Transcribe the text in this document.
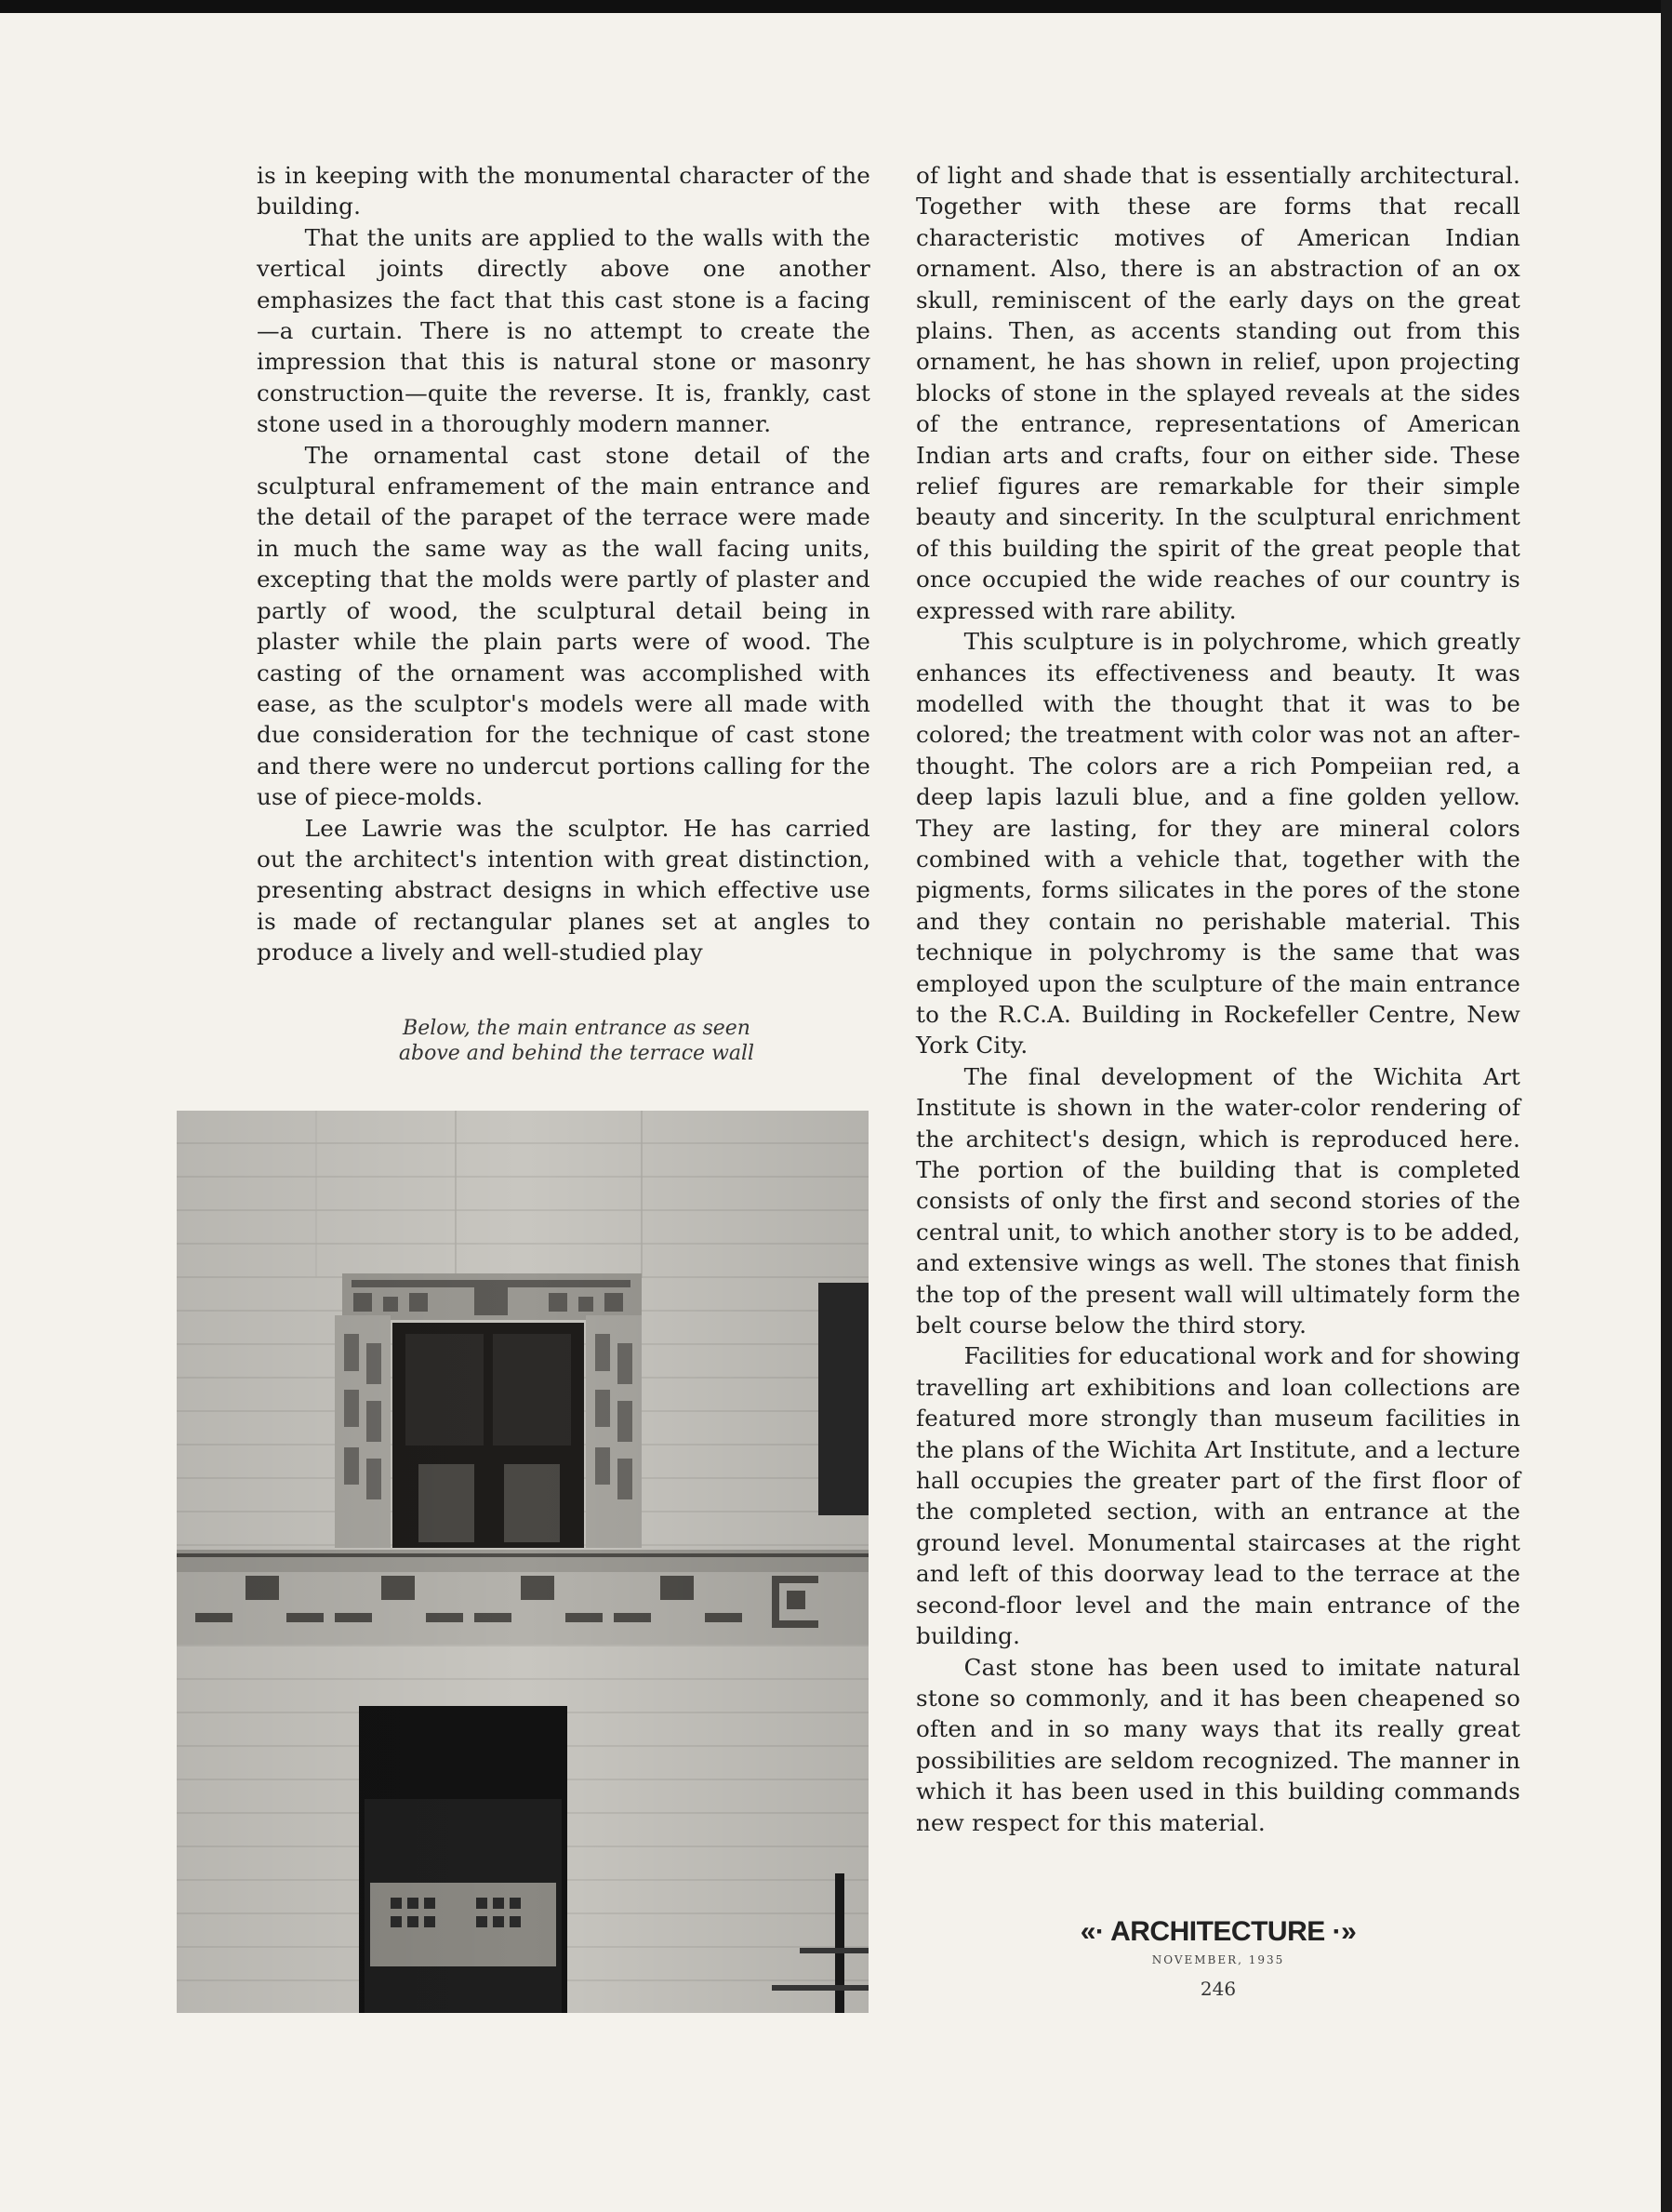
is in keeping with the monumental character of the building.

That the units are applied to the walls with the vertical joints directly above one another emphasizes the fact that this cast stone is a facing—a curtain. There is no attempt to create the impression that this is natural stone or masonry construction—quite the reverse. It is, frankly, cast stone used in a thoroughly modern manner.

The ornamental cast stone detail of the sculptural enframement of the main entrance and the detail of the parapet of the terrace were made in much the same way as the wall facing units, excepting that the molds were partly of plaster and partly of wood, the sculptural detail being in plaster while the plain parts were of wood. The casting of the ornament was accomplished with ease, as the sculptor's models were all made with due consideration for the technique of cast stone and there were no undercut portions calling for the use of piece-molds.

Lee Lawrie was the sculptor. He has carried out the architect's intention with great distinction, presenting abstract designs in which effective use is made of rectangular planes set at angles to produce a lively and well-studied play

Below, the main entrance as seen above and behind the terrace wall

of light and shade that is essentially architectural. Together with these are forms that recall characteristic motives of American Indian ornament. Also, there is an abstraction of an ox skull, reminiscent of the early days on the great plains. Then, as accents standing out from this ornament, he has shown in relief, upon projecting blocks of stone in the splayed reveals at the sides of the entrance, representations of American Indian arts and crafts, four on either side. These relief figures are remarkable for their simple beauty and sincerity. In the sculptural enrichment of this building the spirit of the great people that once occupied the wide reaches of our country is expressed with rare ability.

This sculpture is in polychrome, which greatly enhances its effectiveness and beauty. It was modelled with the thought that it was to be colored; the treatment with color was not an after-thought. The colors are a rich Pompeiian red, a deep lapis lazuli blue, and a fine golden yellow. They are lasting, for they are mineral colors combined with a vehicle that, together with the pigments, forms silicates in the pores of the stone and they contain no perishable material. This technique in polychromy is the same that was employed upon the sculpture of the main entrance to the R.C.A. Building in Rockefeller Centre, New York City.

The final development of the Wichita Art Institute is shown in the water-color rendering of the architect's design, which is reproduced here. The portion of the building that is completed consists of only the first and second stories of the central unit, to which another story is to be added, and extensive wings as well. The stones that finish the top of the present wall will ultimately form the belt course below the third story.

Facilities for educational work and for showing travelling art exhibitions and loan collections are featured more strongly than museum facilities in the plans of the Wichita Art Institute, and a lecture hall occupies the greater part of the first floor of the completed section, with an entrance at the ground level. Monumental staircases at the right and left of this doorway lead to the terrace at the second-floor level and the main entrance of the building.

Cast stone has been used to imitate natural stone so commonly, and it has been cheapened so often and in so many ways that its really great possibilities are seldom recognized. The manner in which it has been used in this building commands new respect for this material.

«· ARCHITECTURE ·»
NOVEMBER, 1935
246
